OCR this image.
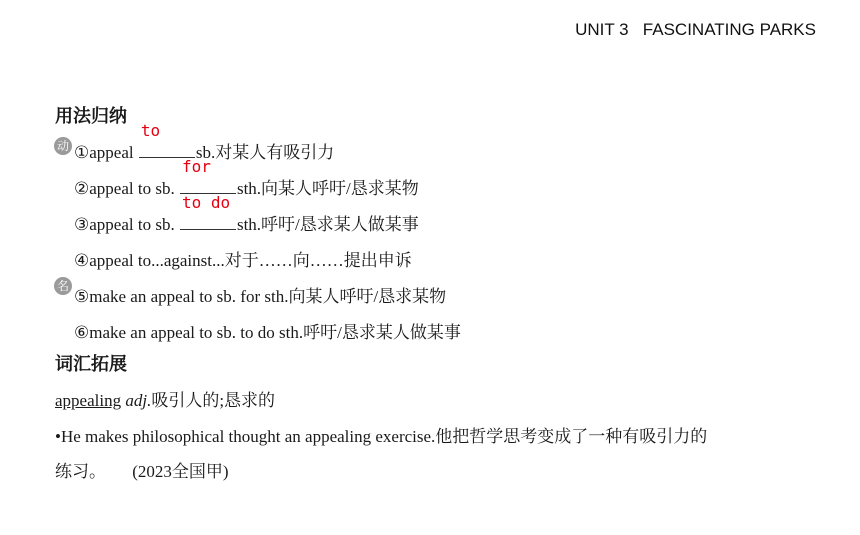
UNIT 3   FASCINATING PARKS
用法归纳
动 ①appeal
to
sb.对某人有吸引力
②appeal to sb.
for
sth.向某人呼吁/恳求某物
③appeal to sb.
to do
sth.呼吁/恳求某人做某事
④appeal to...against...对于……向……提出申诉
名
⑤make an appeal to sb. for sth.向某人呼吁/恳求某物
⑥make an appeal to sb. to do sth.呼吁/恳求某人做某事
词汇拓展
appealing adj.吸引人的;恳求的
•He makes philosophical thought an appealing exercise.他把哲学思考变成了一种有吸引力的
练习。 (2023全国甲)
